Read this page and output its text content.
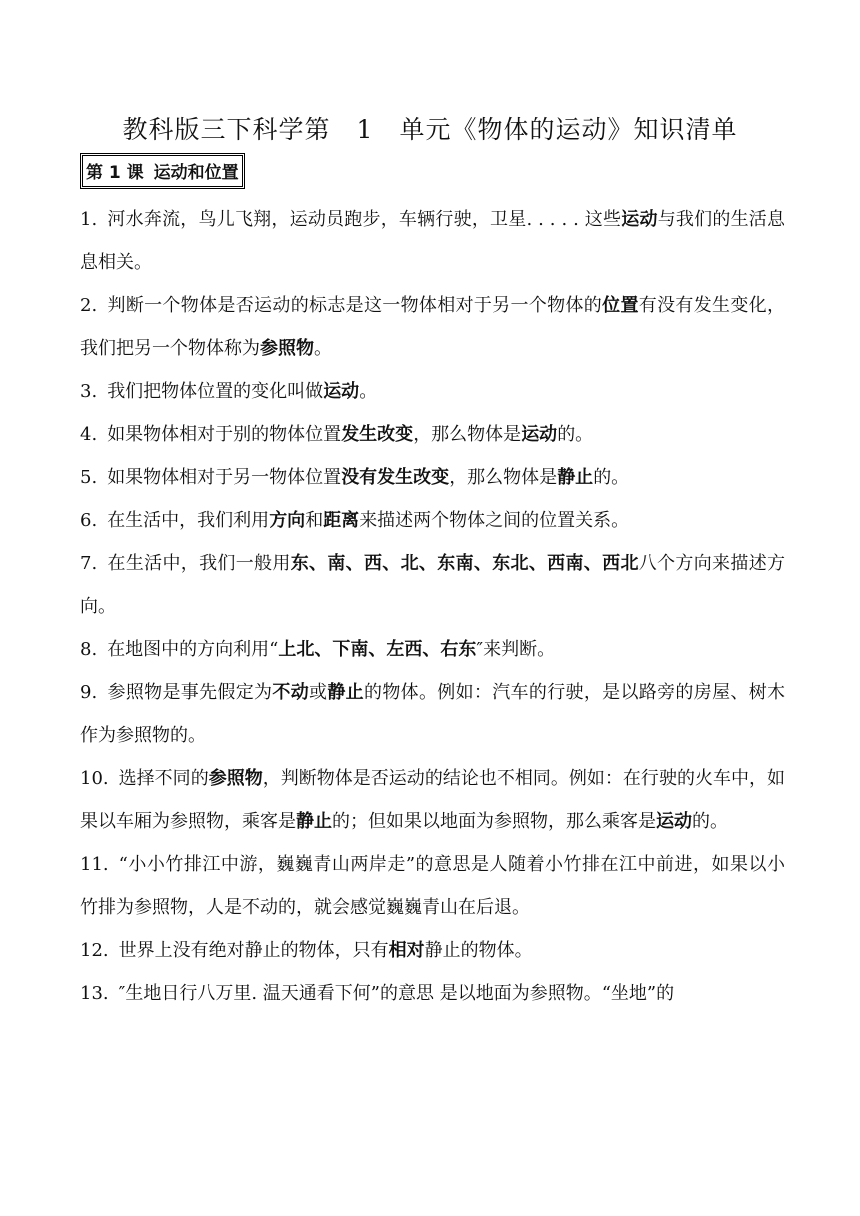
教科版三下科学第　1　单元《物体的运动》知识清单
第 1 课 运动和位置

1. 河水奔流，鸟儿飞翔，运动员跑步，车辆行驶，卫星. . . . . 这些运动与我们的生活息息相关。

2. 判断一个物体是否运动的标志是这一物体相对于另一个物体的位置有没有发生变化，我们把另一个物体称为参照物。

3. 我们把物体位置的变化叫做运动。

4. 如果物体相对于别的物体位置发生改变，那么物体是运动的。

5. 如果物体相对于另一物体位置没有发生改变，那么物体是静止的。

6. 在生活中，我们利用方向和距离来描述两个物体之间的位置关系。

7. 在生活中，我们一般用东、南、西、北、东南、东北、西南、西北八个方向来描述方向。

8. 在地图中的方向利用“上北、下南、左西、右东″来判断。

9. 参照物是事先假定为不动或静止的物体。例如：汽车的行驶，是以路旁的房屋、树木作为参照物的。

10. 选择不同的参照物，判断物体是否运动的结论也不相同。例如：在行驶的火车中，如果以车厢为参照物，乘客是静止的；但如果以地面为参照物，那么乘客是运动的。

11. “小小竹排江中游，巍巍青山两岸走”的意思是人随着小竹排在江中前进，如果以小竹排为参照物，人是不动的，就会感觉巍巍青山在后退。

12. 世界上没有绝对静止的物体，只有相对静止的物体。

13. ″生地日行八万里. 温天通看下何”的意思 是以地面为参照物。“坐地”的
